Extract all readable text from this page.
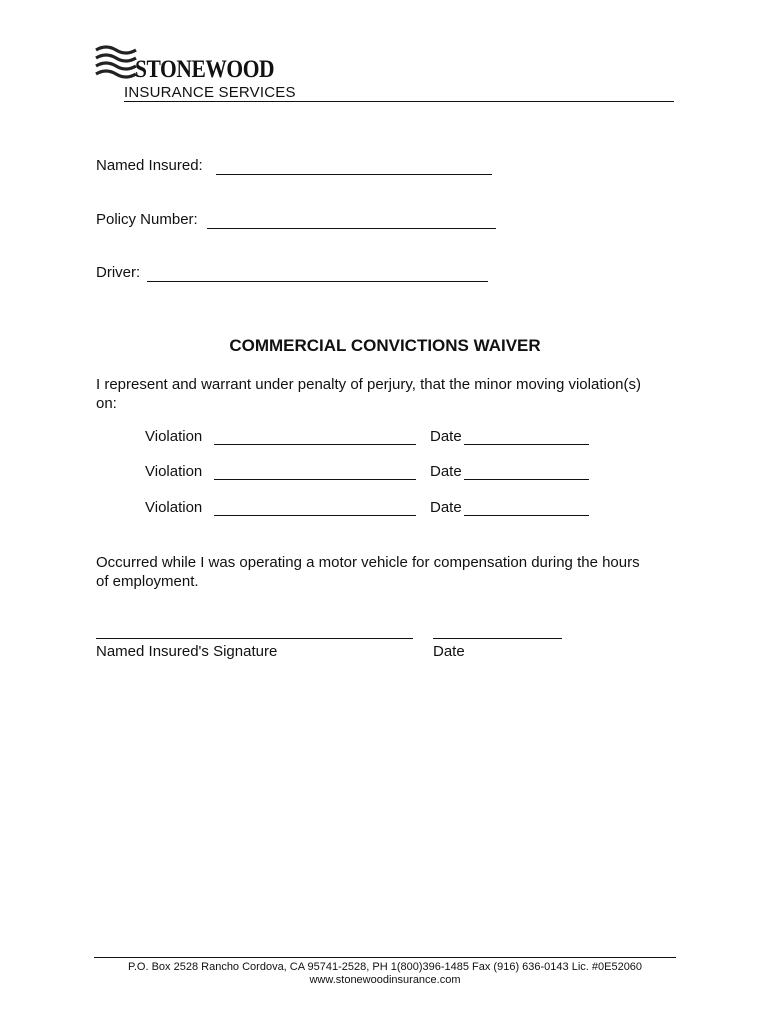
STONEWOOD
INSURANCE SERVICES
Named Insured:
Policy Number:
Driver:
COMMERCIAL CONVICTIONS WAIVER
I represent and warrant under penalty of perjury, that the minor moving violation(s) on:
Violation	Date
Violation	Date
Violation	Date
Occurred while I was operating a motor vehicle for compensation during the hours of employment.
Named Insured's Signature	Date
P.O. Box 2528 Rancho Cordova, CA 95741-2528, PH 1(800)396-1485 Fax (916) 636-0143 Lic. #0E52060
www.stonewoodinsurance.com
